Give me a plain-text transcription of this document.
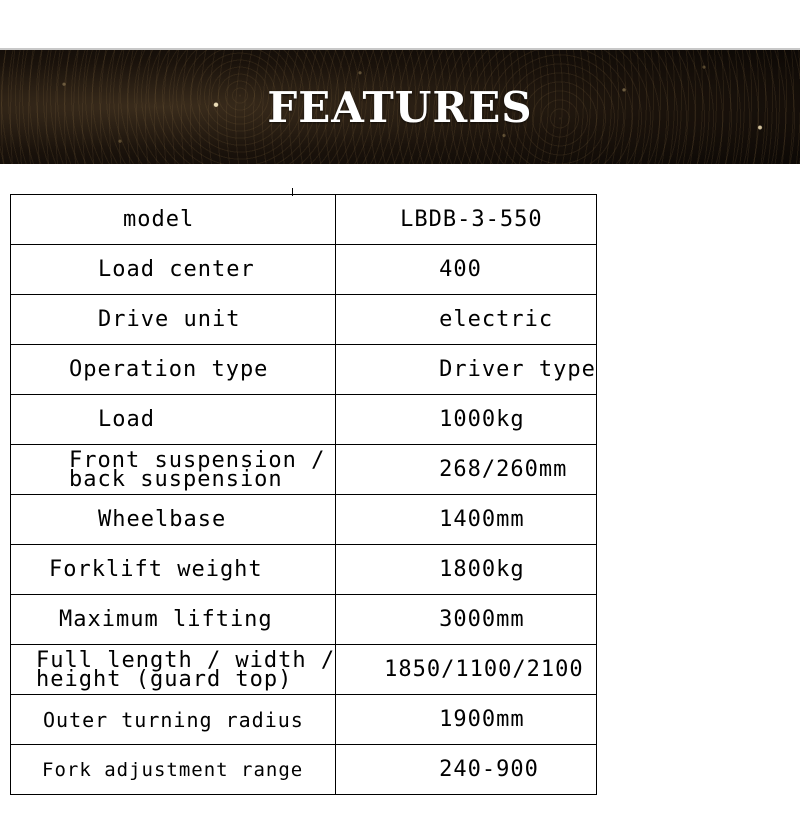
FEATURES
model	LBDB-3-550

Load center	400

Drive unit	electric

Operation type	Driver type

Load	1000kg

Front suspension /
back suspension	268/260mm

Wheelbase	1400mm

Forklift weight	1800kg

Maximum lifting	3000mm

Full length / width /
height (guard top)	1850/1100/2100

Outer turning radius	1900mm

Fork adjustment range	240-900
